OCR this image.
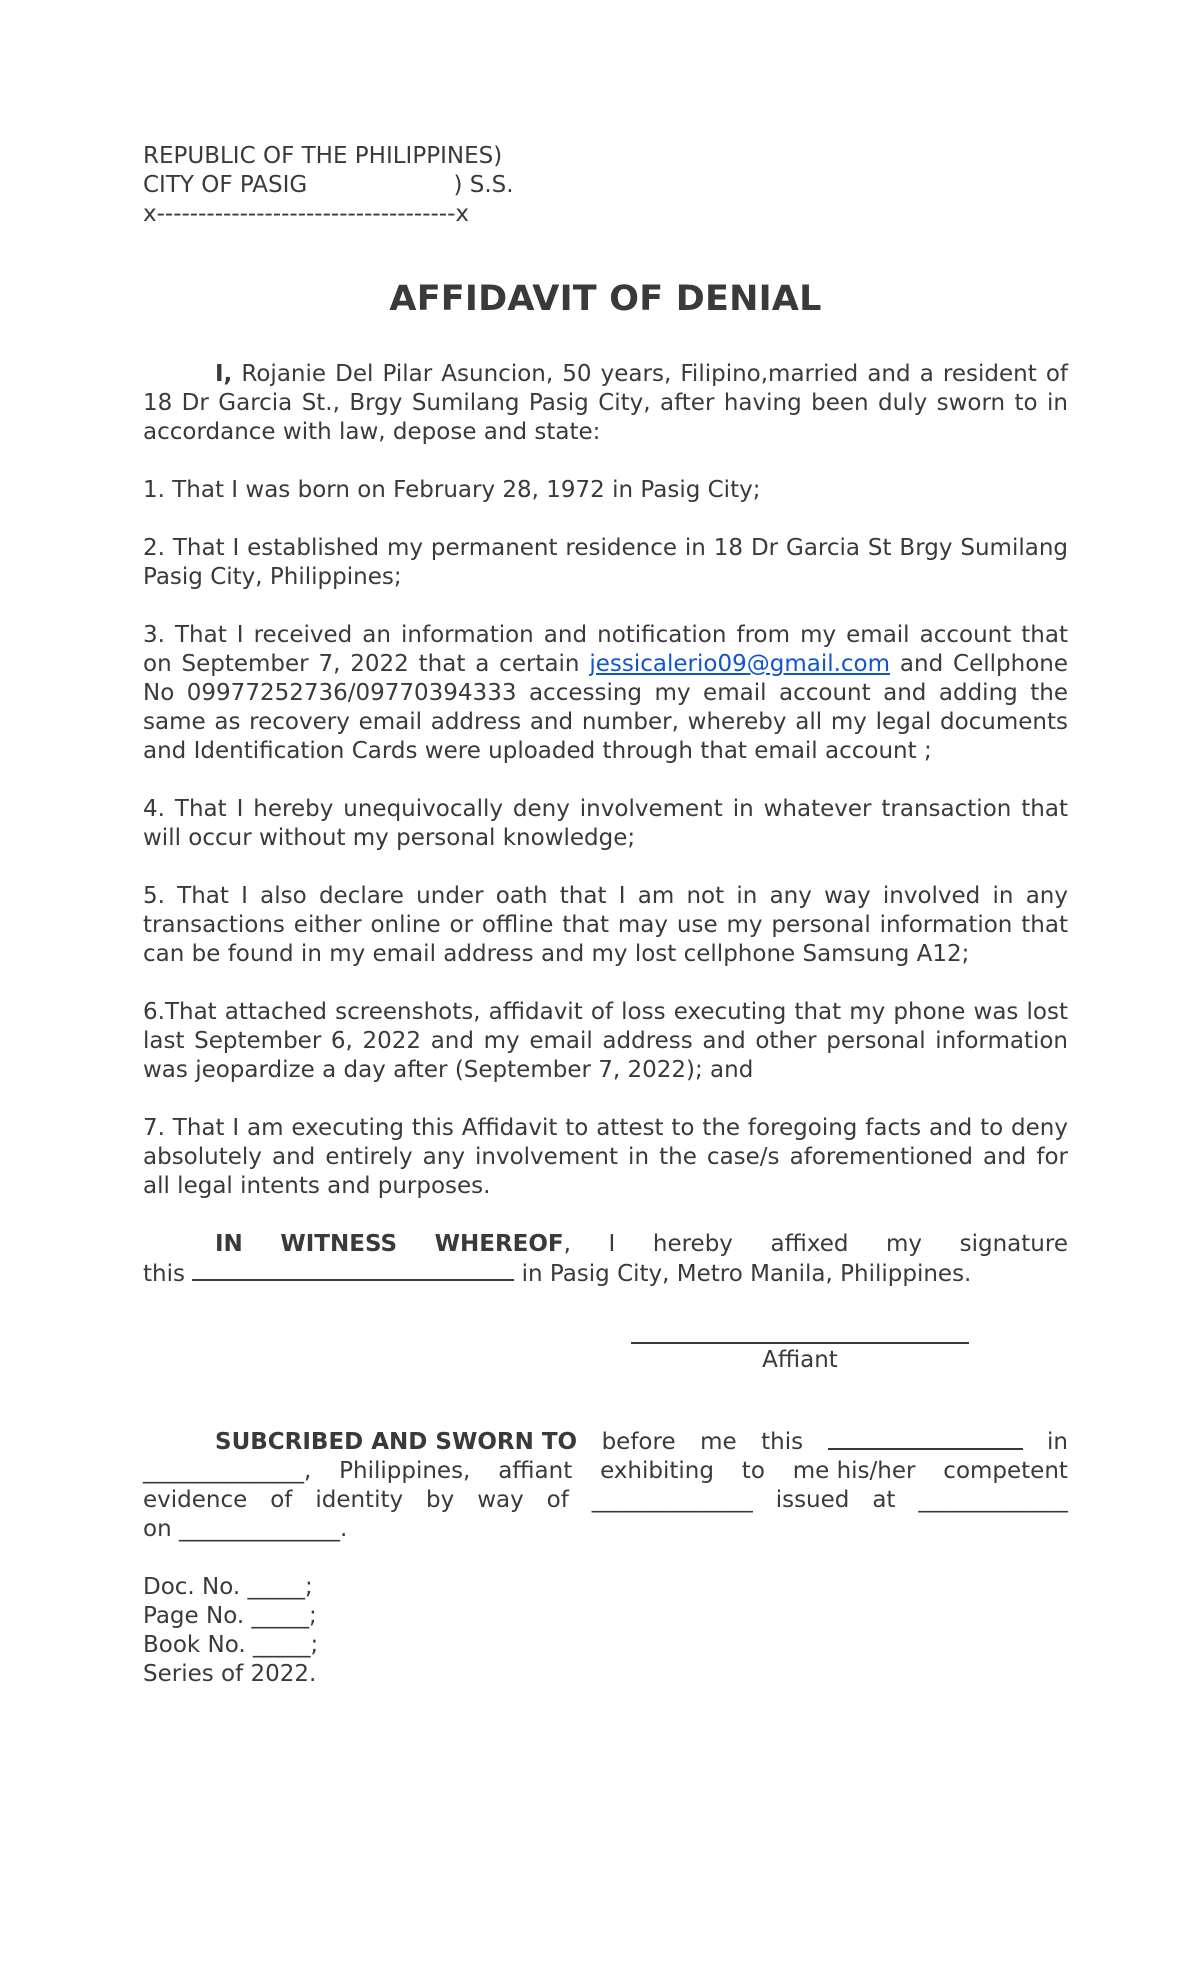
REPUBLIC OF THE PHILIPPINES)
CITY OF PASIG                    ) S.S.
x------------------------------------x
AFFIDAVIT OF DENIAL

I, Rojanie Del Pilar Asuncion, 50 years, Filipino,married and a resident of 18 Dr Garcia St., Brgy Sumilang Pasig City, after having been duly sworn to in accordance with law, depose and state:

1. That I was born on February 28, 1972 in Pasig City;

2. That I established my permanent residence in 18 Dr Garcia St Brgy Sumilang Pasig City, Philippines;

3. That I received an information and notification from my email account that on September 7, 2022 that a certain jessicalerio09@gmail.com and Cellphone No 09977252736/09770394333 accessing my email account and adding the same as recovery email address and number, whereby all my legal documents and Identification Cards were uploaded through that email account ;

4. That I hereby unequivocally deny involvement in whatever transaction that will occur without my personal knowledge;

5. That I also declare under oath that I am not in any way involved in any transactions either online or offline that may use my personal information that can be found in my email address and my lost cellphone Samsung A12;

6.That attached screenshots, affidavit of loss executing that my phone was lost last September 6, 2022 and my email address and other personal information was jeopardize a day after (September 7, 2022); and

7. That I am executing this Affidavit to attest to the foregoing facts and to deny absolutely and entirely any involvement in the case/s aforementioned and for all legal intents and purposes.

IN WITNESS WHEREOF, I hereby affixed my signature
this	in Pasig City, Metro Manila, Philippines.
Affiant
SUBCRIBED AND SWORN TO before me this	in
______________, Philippines, affiant exhibiting to me his/her competent
evidence of identity by way of ______________ issued at _____________
on ______________.
Doc. No. _____;
Page No. _____;
Book No. _____;
Series of 2022.
